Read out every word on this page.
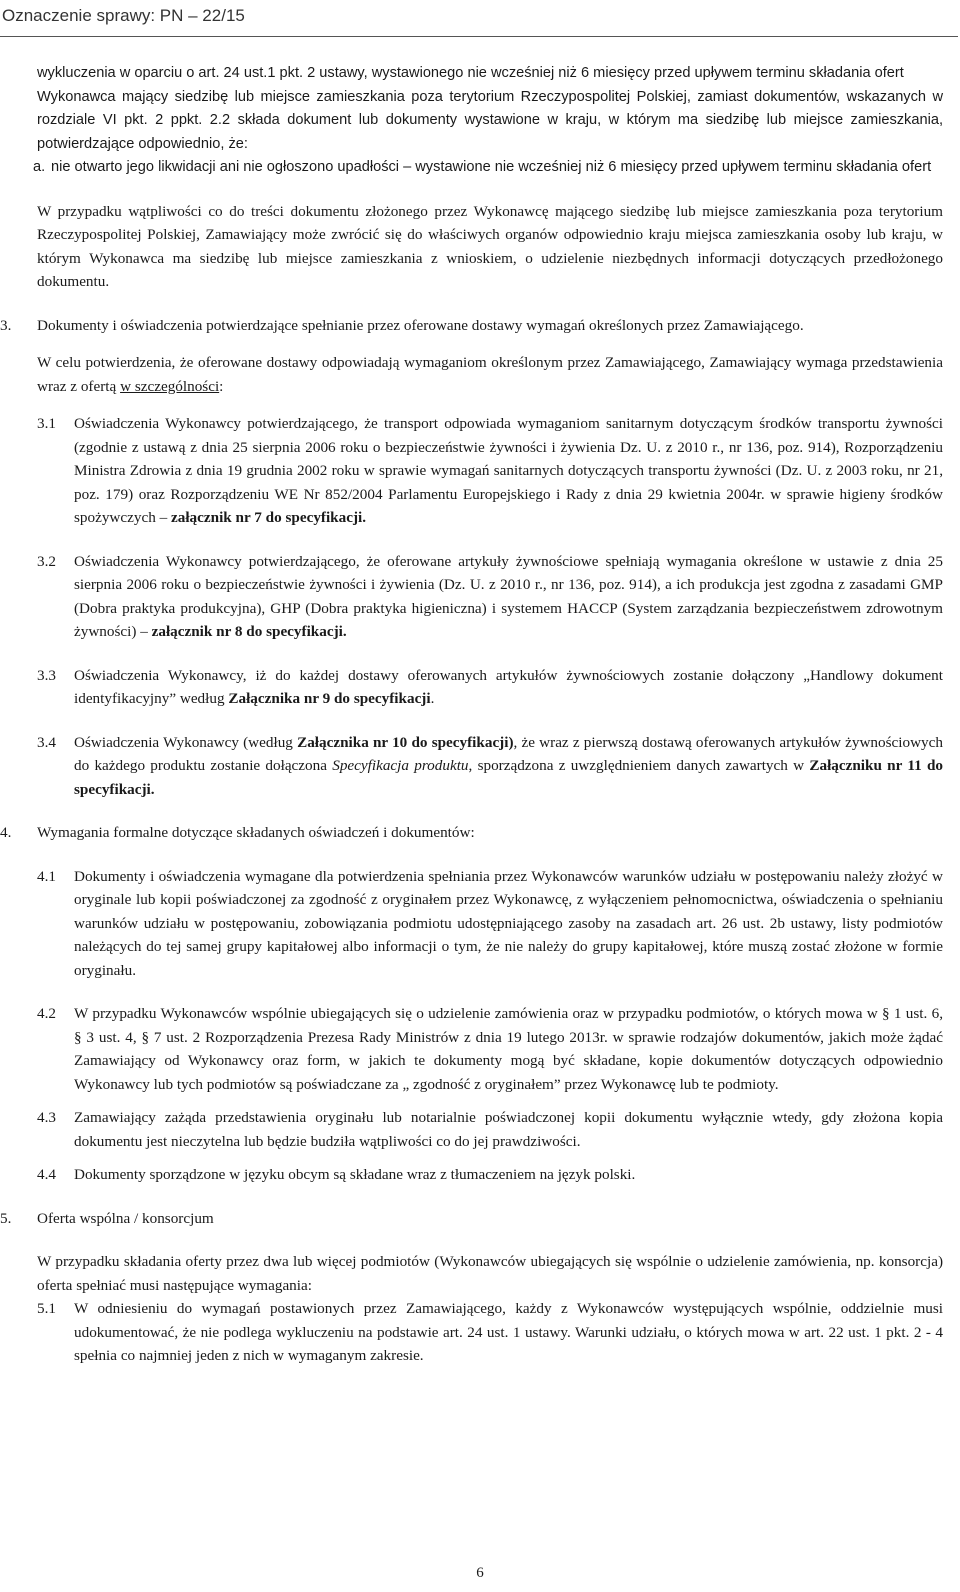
Oznaczenie sprawy: PN – 22/15

wykluczenia w oparciu o art. 24 ust.1 pkt. 2 ustawy, wystawionego nie wcześniej niż 6 miesięcy przed upływem terminu składania ofert

Wykonawca mający siedzibę lub miejsce zamieszkania poza terytorium Rzeczypospolitej Polskiej, zamiast dokumentów, wskazanych w rozdziale VI pkt. 2 ppkt. 2.2 składa dokument lub dokumenty wystawione w kraju, w którym ma siedzibę lub miejsce zamieszkania, potwierdzające odpowiednio, że:

a. nie otwarto jego likwidacji ani nie ogłoszono upadłości – wystawione nie wcześniej niż 6 miesięcy przed upływem terminu składania ofert

W przypadku wątpliwości co do treści dokumentu złożonego przez Wykonawcę mającego siedzibę lub miejsce zamieszkania poza terytorium Rzeczypospolitej Polskiej, Zamawiający może zwrócić się do właściwych organów odpowiednio kraju miejsca zamieszkania osoby lub kraju, w którym Wykonawca ma siedzibę lub miejsce zamieszkania z wnioskiem, o udzielenie niezbędnych informacji dotyczących przedłożonego dokumentu.

3. Dokumenty i oświadczenia potwierdzające spełnianie przez oferowane dostawy wymagań określonych przez Zamawiającego.

W celu potwierdzenia, że oferowane dostawy odpowiadają wymaganiom określonym przez Zamawiającego, Zamawiający wymaga przedstawienia wraz z ofertą w szczególności:

3.1 Oświadczenia Wykonawcy potwierdzającego, że transport odpowiada wymaganiom sanitarnym dotyczącym środków transportu żywności (zgodnie z ustawą z dnia 25 sierpnia 2006 roku o bezpieczeństwie żywności i żywienia Dz. U. z 2010 r., nr 136, poz. 914), Rozporządzeniu Ministra Zdrowia z dnia 19 grudnia 2002 roku w sprawie wymagań sanitarnych dotyczących transportu żywności (Dz. U. z 2003 roku, nr 21, poz. 179) oraz Rozporządzeniu WE Nr 852/2004 Parlamentu Europejskiego i Rady z dnia 29 kwietnia 2004r. w sprawie higieny środków spożywczych – załącznik nr 7 do specyfikacji.

3.2 Oświadczenia Wykonawcy potwierdzającego, że oferowane artykuły żywnościowe spełniają wymagania określone w ustawie z dnia 25 sierpnia 2006 roku o bezpieczeństwie żywności i żywienia (Dz. U. z 2010 r., nr 136, poz. 914), a ich produkcja jest zgodna z zasadami GMP (Dobra praktyka produkcyjna), GHP (Dobra praktyka higieniczna) i systemem HACCP (System zarządzania bezpieczeństwem zdrowotnym żywności) – załącznik nr 8 do specyfikacji.

3.3 Oświadczenia Wykonawcy, iż do każdej dostawy oferowanych artykułów żywnościowych zostanie dołączony „Handlowy dokument identyfikacyjny” według Załącznika nr 9 do specyfikacji.

3.4 Oświadczenia Wykonawcy (według Załącznika nr 10 do specyfikacji), że wraz z pierwszą dostawą oferowanych artykułów żywnościowych do każdego produktu zostanie dołączona Specyfikacja produktu, sporządzona z uwzględnieniem danych zawartych w Załączniku nr 11 do specyfikacji.

4. Wymagania formalne dotyczące składanych oświadczeń i dokumentów:

4.1 Dokumenty i oświadczenia wymagane dla potwierdzenia spełniania przez Wykonawców warunków udziału w postępowaniu należy złożyć w oryginale lub kopii poświadczonej za zgodność z oryginałem przez Wykonawcę, z wyłączeniem pełnomocnictwa, oświadczenia o spełnianiu warunków udziału w postępowaniu, zobowiązania podmiotu udostępniającego zasoby na zasadach art. 26 ust. 2b ustawy, listy podmiotów należących do tej samej grupy kapitałowej albo informacji o tym, że nie należy do grupy kapitałowej, które muszą zostać złożone w formie oryginału.

4.2 W przypadku Wykonawców wspólnie ubiegających się o udzielenie zamówienia oraz w przypadku podmiotów, o których mowa w § 1 ust. 6, § 3 ust. 4, § 7 ust. 2 Rozporządzenia Prezesa Rady Ministrów z dnia 19 lutego 2013r. w sprawie rodzajów dokumentów, jakich może żądać Zamawiający od Wykonawcy oraz form, w jakich te dokumenty mogą być składane, kopie dokumentów dotyczących odpowiednio Wykonawcy lub tych podmiotów są poświadczane za „ zgodność z oryginałem” przez Wykonawcę lub te podmioty.

4.3 Zamawiający zażąda przedstawienia oryginału lub notarialnie poświadczonej kopii dokumentu wyłącznie wtedy, gdy złożona kopia dokumentu jest nieczytelna lub będzie budziła wątpliwości co do jej prawdziwości.

4.4 Dokumenty sporządzone w języku obcym są składane wraz z tłumaczeniem na język polski.

5. Oferta wspólna / konsorcjum

W przypadku składania oferty przez dwa lub więcej podmiotów (Wykonawców ubiegających się wspólnie o udzielenie zamówienia, np. konsorcja) oferta spełniać musi następujące wymagania:

5.1 W odniesieniu do wymagań postawionych przez Zamawiającego, każdy z Wykonawców występujących wspólnie, oddzielnie musi udokumentować, że nie podlega wykluczeniu na podstawie art. 24 ust. 1 ustawy. Warunki udziału, o których mowa w art. 22 ust. 1 pkt. 2 - 4 spełnia co najmniej jeden z nich w wymaganym zakresie.

6
